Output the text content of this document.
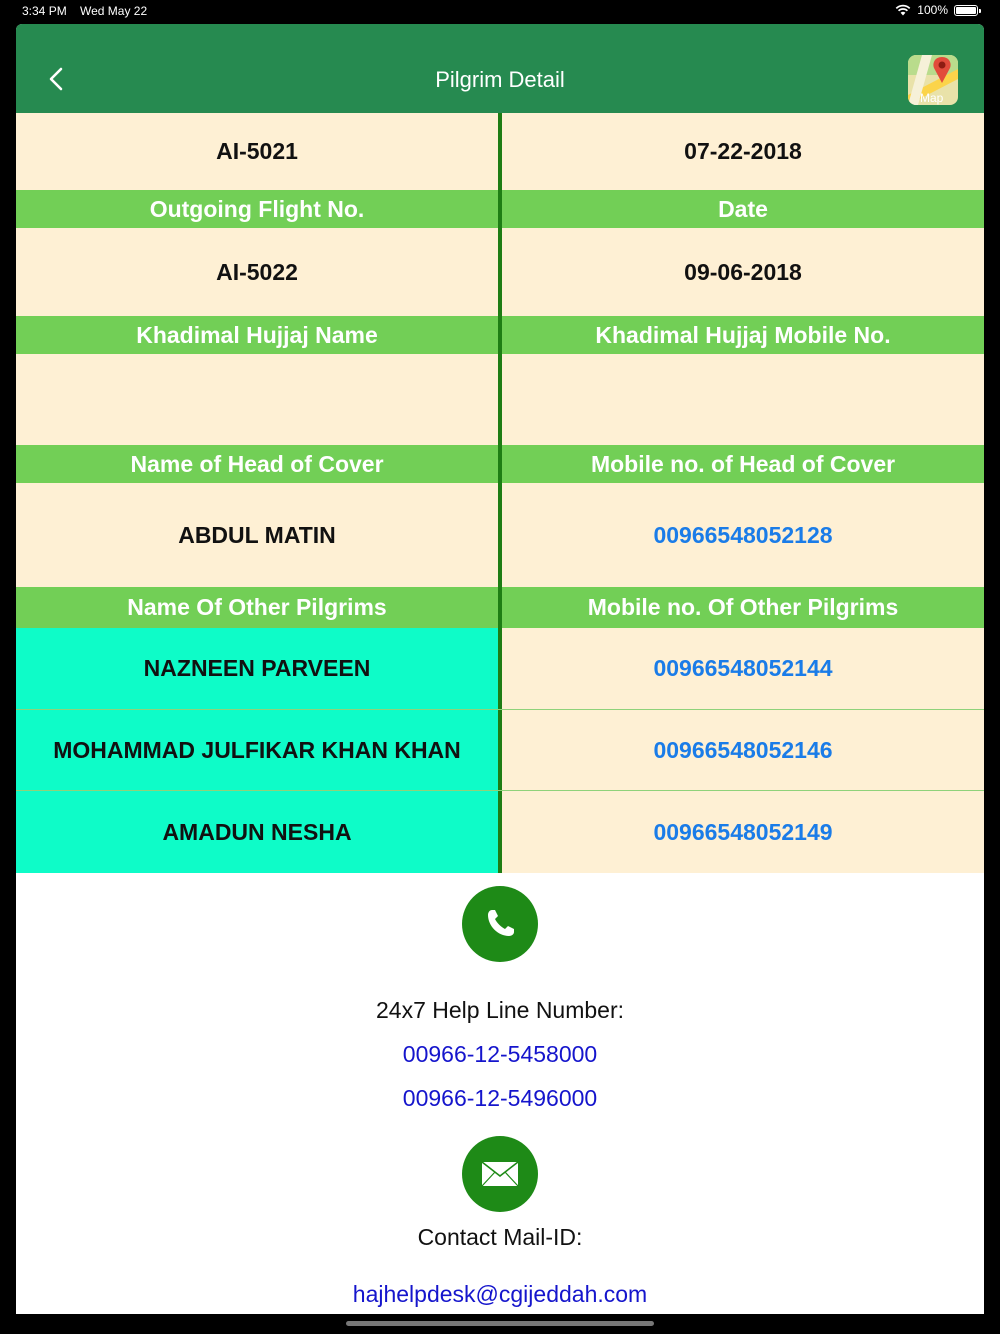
3:34 PM Wed May 22	100%
Pilgrim Detail
Map
AI-5021	07-22-2018
Outgoing Flight No.	Date
AI-5022	09-06-2018
Khadimal Hujjaj Name	Khadimal Hujjaj Mobile No.
Name of Head of Cover	Mobile no. of Head of Cover
ABDUL MATIN	00966548052128
Name Of Other Pilgrims	Mobile no. Of Other Pilgrims
NAZNEEN PARVEEN	00966548052144
MOHAMMAD JULFIKAR KHAN KHAN	00966548052146
AMADUN NESHA	00966548052149
24x7 Help Line Number:
00966-12-5458000
00966-12-5496000
Contact Mail-ID:
hajhelpdesk@cgijeddah.com
